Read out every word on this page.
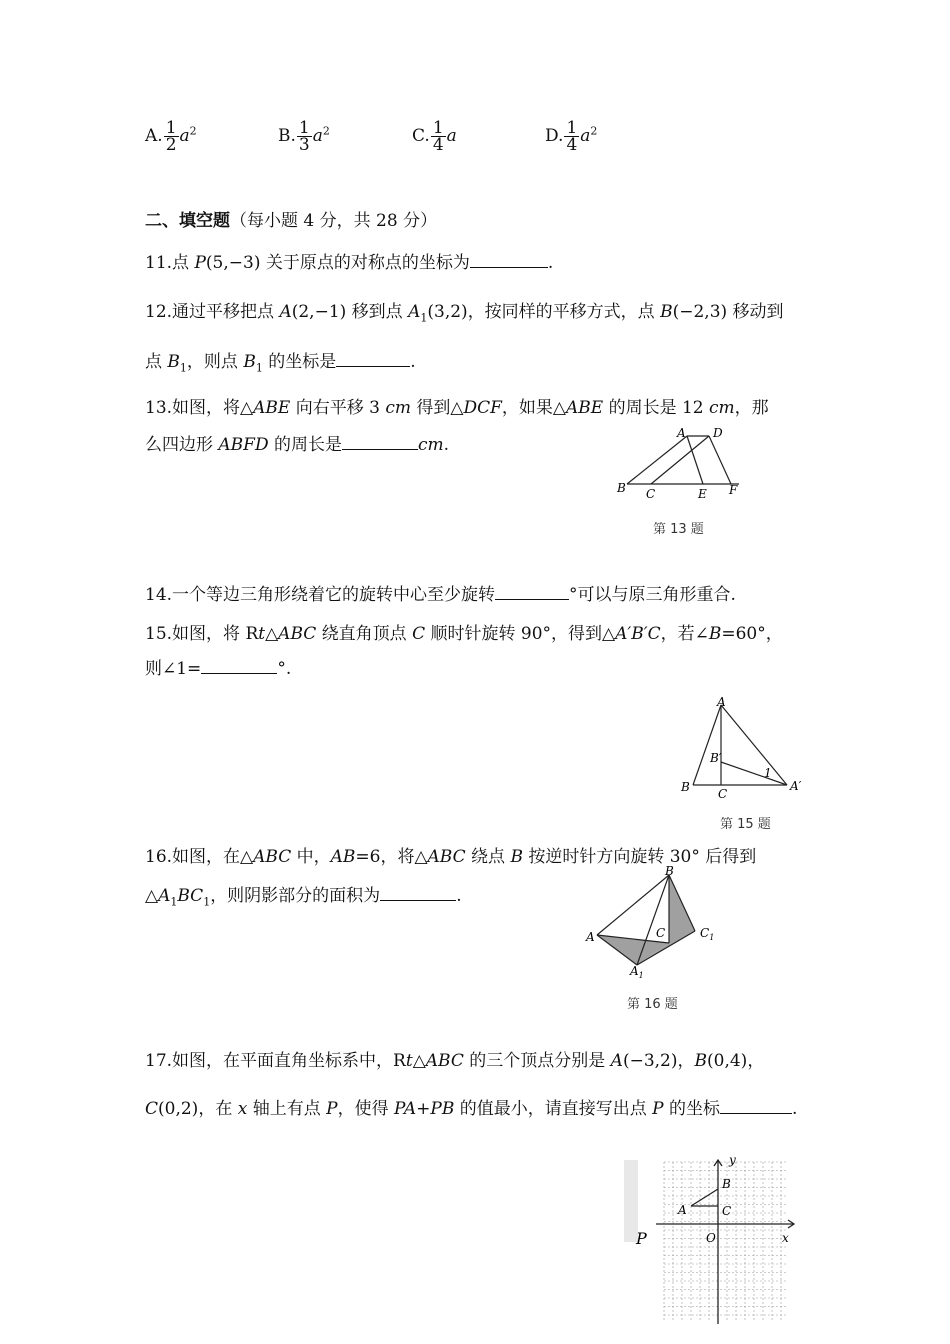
A. $\frac{1}{2} a^2$	B. $\frac{1}{3} a^2$	C. $\frac{1}{4}$ a	D. $\frac{1}{4} a^2$
二、填空题（每小题 4 分，共 28 分）
11.点 P(5,−3) 关于原点的对称点的坐标为	.
12.通过平移把点 A(2,−1) 移到点 $A_1(3,2)$，按同样的平移方式，点 B(−2,3) 移动到
点 $B_1$，则点 $B_1$ 的坐标是	.
13.如图，将△ABE 向右平移 3 cm 得到△DCF，如果△ABE 的周长是 12 cm，那
么四边形 ABFD 的周长是	cm.
A D
B C	E F
第 13 题
14.一个等边三角形绕着它的旋转中心至少旋转	°可以与原三角形重合.
15.如图，将 Rt△ABC 绕直角顶点 C 顺时针旋转 90°，得到△A′B′C，若∠B=60°，
则∠1=	°.
A
B′
B C
A′
1
第 15 题
16.如图，在△ABC 中，AB=6，将△ABC 绕点 B 按逆时针方向旋转 30° 后得到
$\triangle A_1BC_1$，则阴影部分的面积为	.
B
A	C	$C_1$
$A_1$
第 16 题
17.如图，在平面直角坐标系中，Rt△ABC 的三个顶点分别是 A(−3,2)，B(0,4)，
C(0,2)，在 x 轴上有点 P，使得 PA+PB 的值最小，请直接写出点 P 的坐标	.
y
x
B
A	C
O
P
